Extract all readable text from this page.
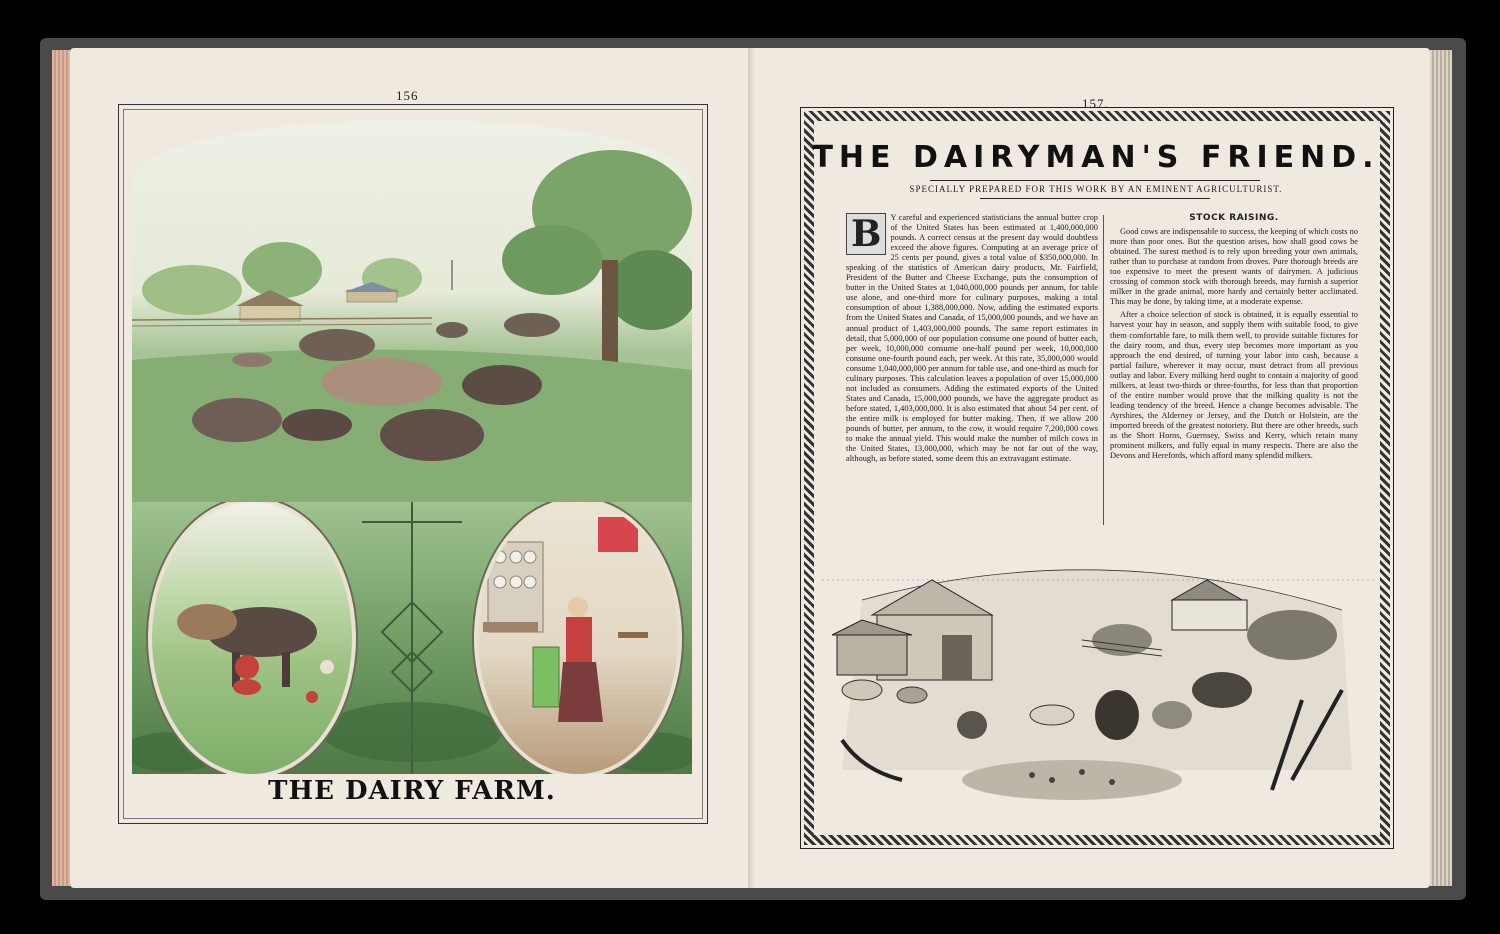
156
THE DAIRY FARM.
157.
THE DAIRYMAN'S FRIEND.
SPECIALLY PREPARED FOR THIS WORK BY AN EMINENT AGRICULTURIST.
B	Y careful and experienced statisticians the annual butter crop of the United States has been estimated at 1,400,000,000 pounds. A correct census at the present day would doubtless exceed the above figures. Computing at an average price of 25 cents per pound, gives a total value of $350,000,000. In speaking of the statistics of American dairy products, Mr. Fairfield, President of the Butter and Cheese Exchange, puts the consumption of butter in the United States at 1,040,000,000 pounds per annum, for table use alone, and one-third more for culinary purposes, making a total consumption of about 1,388,000,000. Now, adding the estimated exports from the United States and Canada, of 15,000,000 pounds, and we have an annual product of 1,403,000,000 pounds. The same report estimates in detail, that 5,000,000 of our population consume one pound of butter each, per week, 10,000,000 consume one-half pound per week, 10,000,000 consume one-fourth pound each, per week. At this rate, 35,000,000 would consume 1,040,000,000 per annum for table use, and one-third as much for culinary purposes. This calculation leaves a population of over 15,000,000 not included as consumers. Adding the estimated exports of the United States and Canada, 15,000,000 pounds, we have the aggregate product as before stated, 1,403,000,000. It is also estimated that about 54 per cent. of the entire milk is employed for butter making. Then, if we allow 200 pounds of butter, per annum, to the cow, it would require 7,200,000 cows to make the annual yield. This would make the number of milch cows in the United States, 13,000,000, which may be not far out of the way, although, as before stated, some deem this an extravagant estimate.
STOCK RAISING.

Good cows are indispensable to success, the keeping of which costs no more than poor ones. But the question arises, how shall good cows be obtained. The surest method is to rely upon breeding your own animals, rather than to purchase at random from droves. Pure thorough breeds are too expensive to meet the present wants of dairymen. A judicious crossing of common stock with thorough breeds, may furnish a superior milker in the grade animal, more hardy and certainly better acclimated. This may be done, by taking time, at a moderate expense.

After a choice selection of stock is obtained, it is equally essential to harvest your hay in season, and supply them with suitable food, to give them comfortable fare, to milk them well, to provide suitable fixtures for the dairy room, and thus, every step becomes more important as you approach the end desired, of turning your labor into cash, because a partial failure, wherever it may occur, must detract from all previous outlay and labor. Every milking herd ought to contain a majority of good milkers, at least two-thirds or three-fourths, for less than that proportion of the entire number would prove that the milking quality is not the leading tendency of the breed. Hence a change becomes advisable. The Ayrshires, the Alderney or Jersey, and the Dutch or Holstein, are the imported breeds of the greatest notoriety. But there are other breeds, such as the Short Horns, Guernsey, Swiss and Kerry, which retain many prominent milkers, and fully equal in many respects. There are also the Devons and Herefords, which afford many splendid milkers.
